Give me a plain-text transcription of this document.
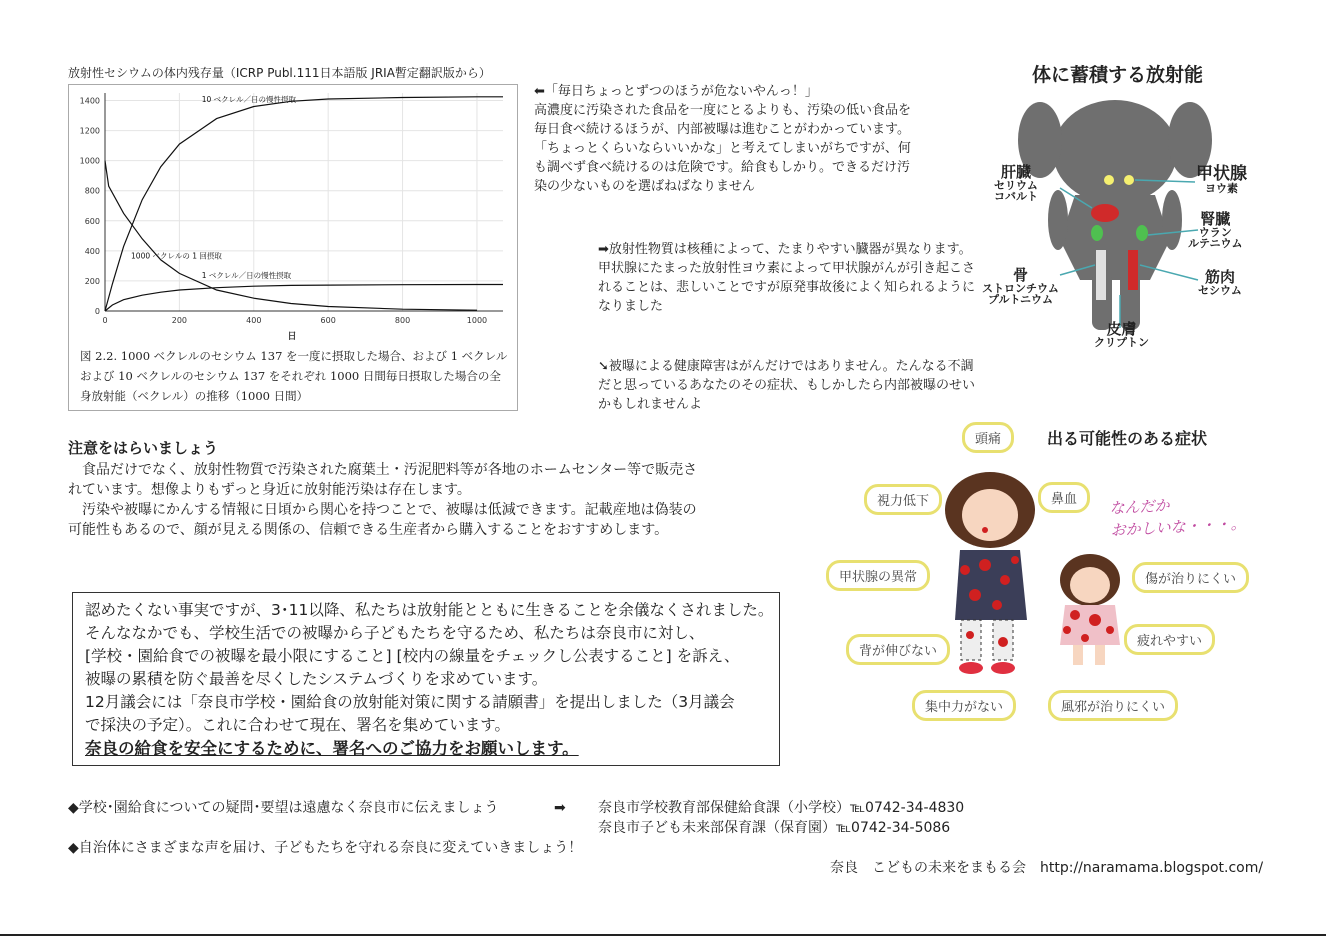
放射性セシウムの体内残存量（ICRP Publ.111日本語版 JRIA暫定翻訳版から）
0
200
400
600
800
1000
1200
1400
0	200	400	600	800	1000
日
10 ベクレル／日の慢性摂取
1000 ベクレルの 1 回摂取
1 ベクレル／日の慢性摂取
図 2.2. 1000 ベクレルのセシウム 137 を一度に摂取した場合、および 1 ベクレルおよび 10 ベクレルのセシウム 137 をそれぞれ 1000 日間毎日摂取した場合の全身放射能（ベクレル）の推移（1000 日間）
⬅「毎日ちょっとずつのほうが危ないやんっ！」
高濃度に汚染された食品を一度にとるよりも、汚染の低い食品を毎日食べ続けるほうが、内部被曝は進むことがわかっています。「ちょっとくらいならいいかな」と考えてしまいがちですが、何も調べず食べ続けるのは危険です。給食もしかり。できるだけ汚染の少ないものを選ばねばなりません
➡放射性物質は核種によって、たまりやすい臓器が異なります。甲状腺にたまった放射性ヨウ素によって甲状腺がんが引き起こされることは、悲しいことですが原発事故後によく知られるようになりました
➘被曝による健康障害はがんだけではありません。たんなる不調だと思っているあなたのその症状、もしかしたら内部被曝のせいかもしれませんよ
注意をはらいましょう

食品だけでなく、放射性物質で汚染された腐葉土・汚泥肥料等が各地のホームセンター等で販売されています。想像よりもずっと身近に放射能汚染は存在します。

汚染や被曝にかんする情報に日頃から関心を持つことで、被曝は低減できます。記載産地は偽装の可能性もあるので、顔が見える関係の、信頼できる生産者から購入することをおすすめします。

認めたくない事実ですが、3･11以降、私たちは放射能とともに生きることを余儀なくされました。
そんななかでも、学校生活での被曝から子どもたちを守るため、私たちは奈良市に対し、
[学校・園給食での被曝を最小限にすること] [校内の線量をチェックし公表すること] を訴え、
被曝の累積を防ぐ最善を尽くしたシステムづくりを求めています。
12月議会には「奈良市学校・園給食の放射能対策に関する請願書」を提出しました（3月議会
で採決の予定）。これに合わせて現在、署名を集めています。
奈良の給食を安全にするために、署名へのご協力をお願いします。
◆学校･園給食についての疑問･要望は遠慮なく奈良市に伝えましょう	➡ 奈良市学校教育部保健給食課（小学校）℡0742-34-4830
奈良市子ども未来部保育課（保育園）℡0742-34-5086
◆自治体にさまざまな声を届け、子どもたちを守れる奈良に変えていきましょう！
奈良　こどもの未来をまもる会　http://naramama.blogspot.com/
体に蓄積する放射能
肝臓
セリウム
コバルト
甲状腺
ヨウ素
腎臓
ウラン
ルテニウム
骨
ストロンチウム
プルトニウム
筋肉
セシウム
皮膚
クリプトン
出る可能性のある症状
頭痛
視力低下	鼻血
甲状腺の異常	傷が治りにくい
背が伸びない
疲れやすい
集中力がない	風邪が治りにくい
なんだか
おかしいな・・・。
